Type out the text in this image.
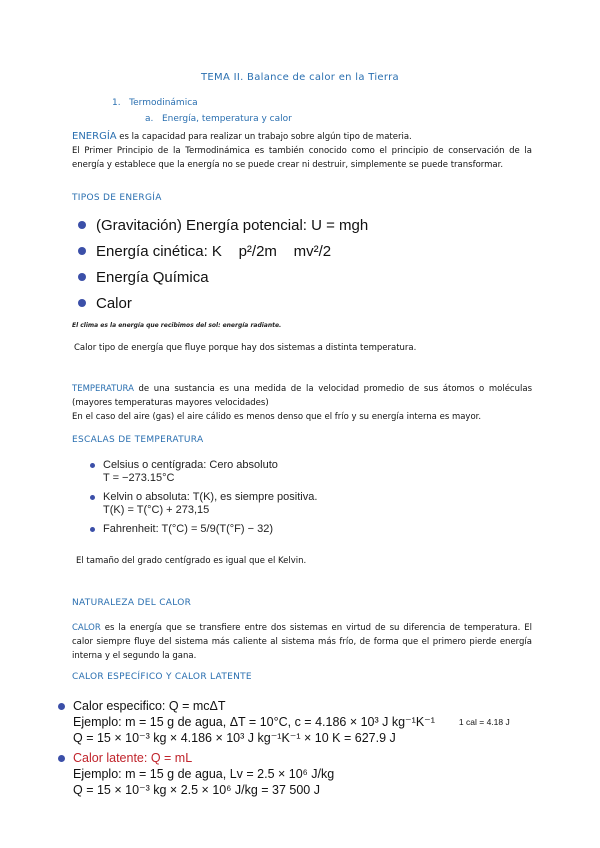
TEMA II. Balance de calor en la Tierra
1.   Termodinámica
a.   Energía, temperatura y calor
ENERGÍA es la capacidad para realizar un trabajo sobre algún tipo de materia.
El Primer Principio de la Termodinámica es también conocido como el principio de conservación de la energía y establece que la energía no se puede crear ni destruir, simplemente se puede transformar.
TIPOS DE ENERGÍA
(Gravitación) Energía potencial: U = mgh
Energía cinética: K    p²/2m    mv²/2
Energía Química
Calor
El clima es la energía que recibimos del sol: energía radiante.
Calor tipo de energía que fluye porque hay dos sistemas a distinta temperatura.
TEMPERATURA de una sustancia es una medida de la velocidad promedio de sus átomos o moléculas (mayores temperaturas mayores velocidades)
En el caso del aire (gas) el aire cálido es menos denso que el frío y su energía interna es mayor.
ESCALAS DE TEMPERATURA
Celsius o centígrada: Cero absoluto
T = −273.15°C
Kelvin o absoluta: T(K), es siempre positiva.
T(K) = T(°C) + 273,15
Fahrenheit: T(°C) = 5/9(T(°F) − 32)
El tamaño del grado centígrado es igual que el Kelvin.
NATURALEZA DEL CALOR
CALOR es la energía que se transfiere entre dos sistemas en virtud de su diferencia de temperatura. El calor siempre fluye del sistema más caliente al sistema más frío, de forma que el primero pierde energía interna y el segundo la gana.
CALOR ESPECÍFICO Y CALOR LATENTE
Calor especifico: Q = mcΔT
Ejemplo: m = 15 g de agua, ΔT = 10°C, c = 4.186 × 10³ J kg⁻¹K⁻¹	1 cal = 4.18 J
Q = 15 × 10⁻³ kg × 4.186 × 10³ J kg⁻¹K⁻¹ × 10 K = 627.9 J
Calor latente: Q = mL
Ejemplo: m = 15 g de agua, Lv = 2.5 × 10⁶ J/kg
Q = 15 × 10⁻³ kg × 2.5 × 10⁶ J/kg = 37 500 J
